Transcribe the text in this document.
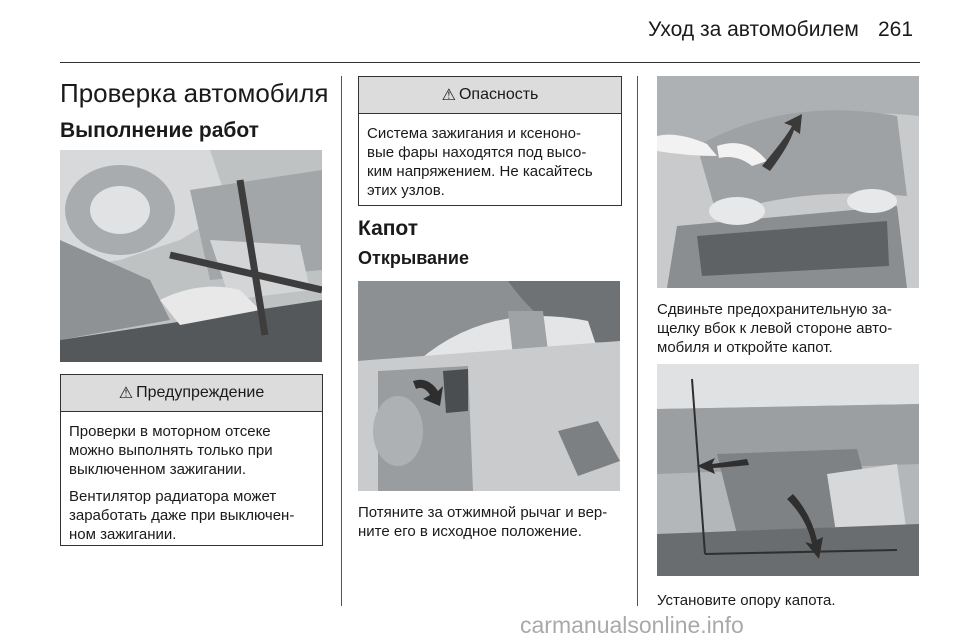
Уход за автомобилем 261
Проверка автомобиля
Выполнение работ
⚠ Предупреждение

Проверки в моторном отсеке
можно выполнять только при
выключенном зажигании.

Вентилятор радиатора может
заработать даже при выключен-
ном зажигании.

⚠ Опасность
Система зажигания и ксеноно-
вые фары находятся под высо-
ким напряжением. Не касайтесь
этих узлов.
Капот
Открывание
Потяните за отжимной рычаг и вер-
ните его в исходное положение.
Сдвиньте предохранительную за-
щелку вбок к левой стороне авто-
мобиля и откройте капот.
Установите опору капота.
carmanualsonline.info
